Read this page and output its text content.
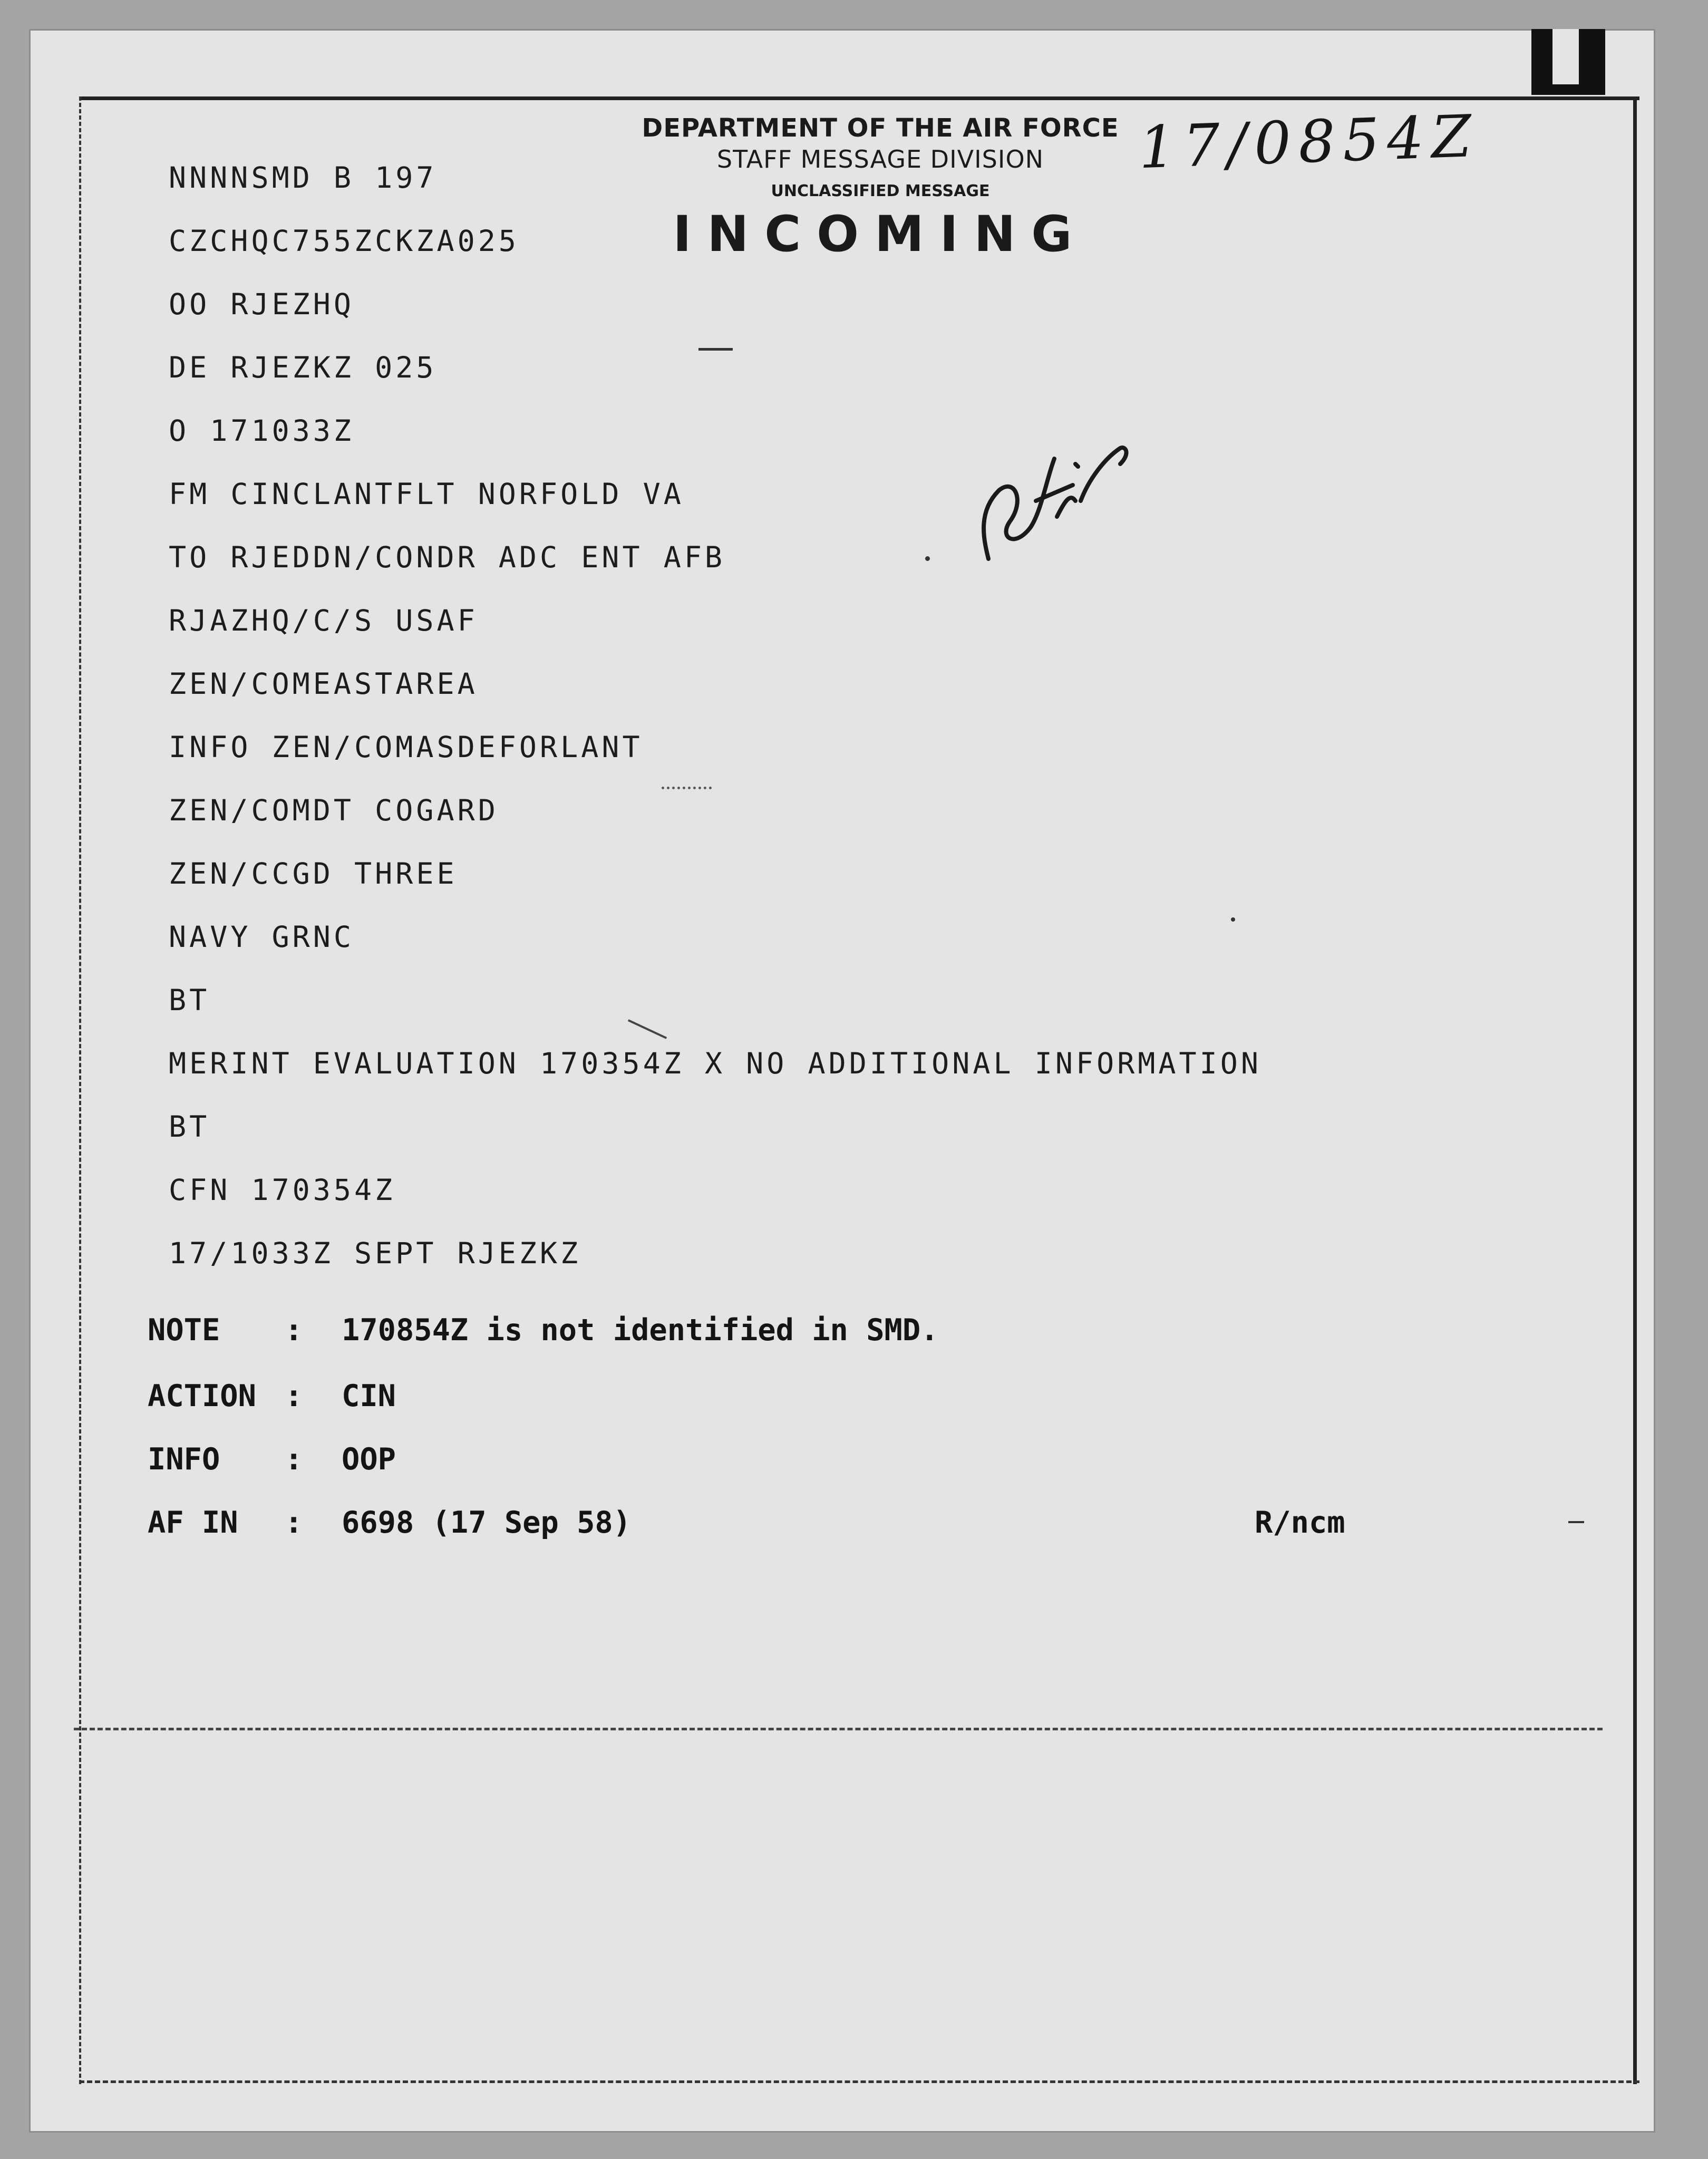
DEPARTMENT OF THE AIR FORCE
STAFF MESSAGE DIVISION
UNCLASSIFIED MESSAGE
INCOMING
17/0854Z
NNNNSMD B 197
CZCHQC755ZCKZA025
OO RJEZHQ
DE RJEZKZ 025
O 171033Z
FM CINCLANTFLT NORFOLD VA
TO RJEDDN/CONDR ADC ENT AFB
RJAZHQ/C/S USAF
ZEN/COMEASTAREA
INFO ZEN/COMASDEFORLANT
ZEN/COMDT COGARD
ZEN/CCGD THREE
NAVY GRNC
BT
MERINT EVALUATION 170354Z X NO ADDITIONAL INFORMATION
BT
CFN 170354Z
17/1033Z SEPT RJEZKZ
NOTE : 170854Z is not identified in SMD.
ACTION : CIN
INFO : OOP
AF IN : 6698 (17 Sep 58)	R/ncm
